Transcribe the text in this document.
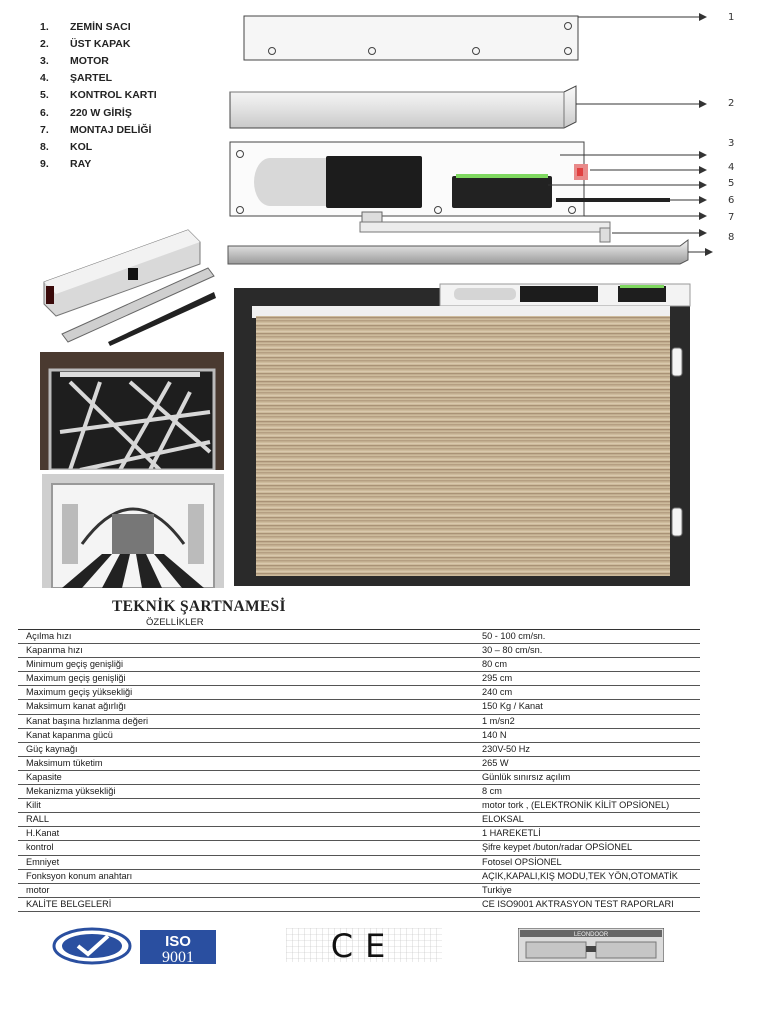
1.	ZEMİN SACI
2.	ÜST KAPAK
3.	MOTOR
4.	ŞARTEL
5.	KONTROL KARTI
6.	220 W GİRİŞ
7.	MONTAJ DELİĞİ
8.	KOL
9.	RAY
1
2
3
4
5
6
7
8
TEKNİK ŞARTNAMESİ
ÖZELLİKLER
Açılma hızı	50 - 100 cm/sn.
Kapanma hızı	30 – 80 cm/sn.
Minimum geçiş genişliği	80 cm
Maximum geçiş genişliği	295 cm
Maximum geçiş yüksekliği	240 cm
Maksimum kanat ağırlığı	150 Kg / Kanat
Kanat başına hızlanma değeri	1 m/sn2
Kanat kapanma gücü	140 N
Güç kaynağı	230V-50 Hz
Maksimum tüketim	265 W
Kapasite	Günlük sınırsız açılım
Mekanizma yüksekliği	8 cm
Kilit	motor tork , (ELEKTRONİK KİLİT OPSİONEL)
RALL	ELOKSAL
H.Kanat	1 HAREKETLİ
kontrol	Şifre keypet /buton/radar OPSİONEL
Emniyet	Fotosel OPSİONEL
Fonksyon konum anahtarı	AÇIK,KAPALI,KIŞ MODU,TEK YÖN,OTOMATİK
motor	Turkiye
KALİTE BELGELERİ	CE ISO9001 AKTRASYON TEST RAPORLARI
ISO
9001	CE	LEONDOOR
